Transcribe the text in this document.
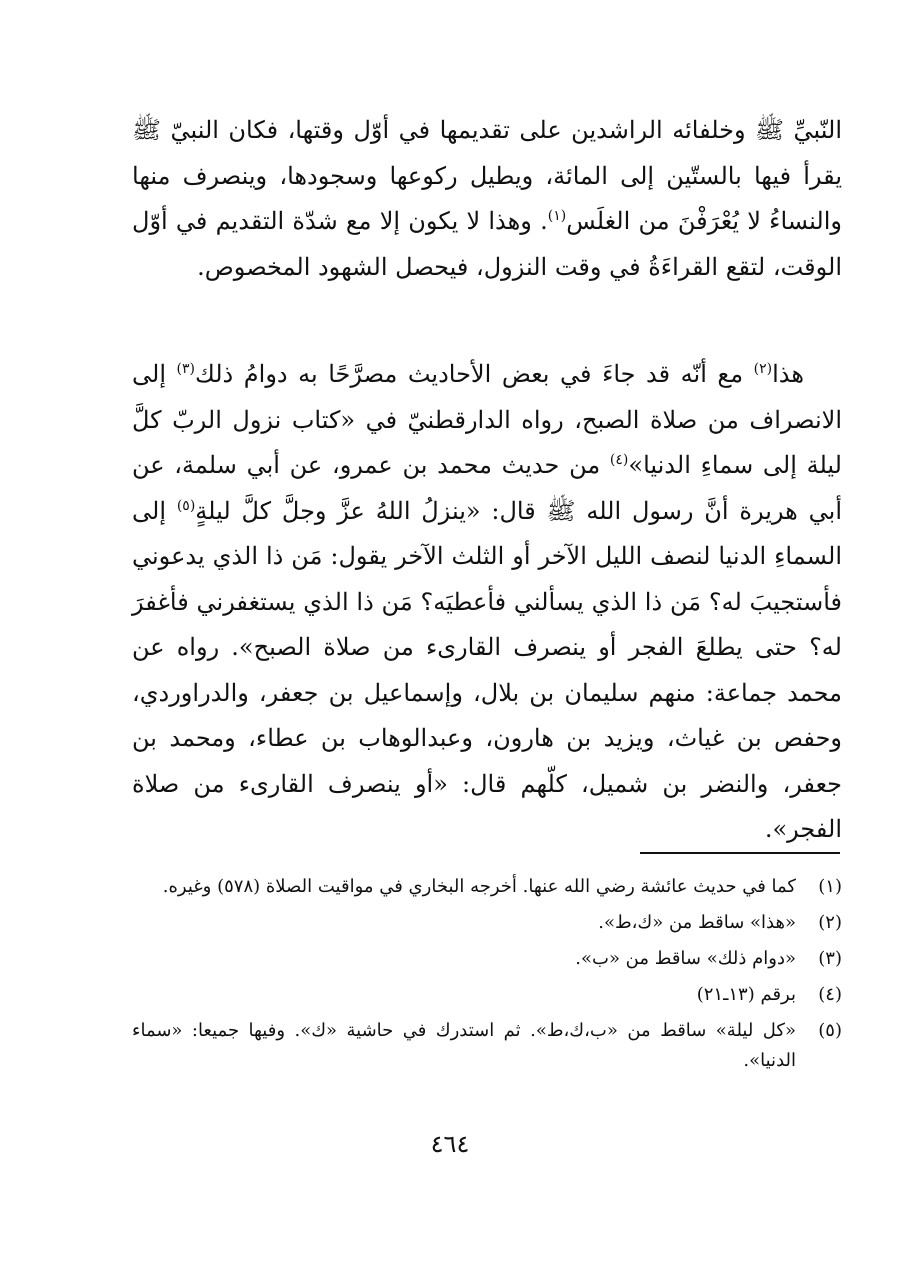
النّبيِّ ﷺ وخلفائه الراشدين على تقديمها في أوّل وقتها، فكان النبيّ ﷺ يقرأ فيها بالستّين إلى المائة، ويطيل ركوعها وسجودها، وينصرف منها والنساءُ لا يُعْرَفْنَ من الغلَس$^{(١)}$. وهذا لا يكون إلا مع شدّة التقديم في أوّل الوقت، لتقع القراءَةُ في وقت النزول، فيحصل الشهود المخصوص.

هذا$^{(٢)}$ مع أنّه قد جاءَ في بعض الأحاديث مصرَّحًا به دوامُ ذلك$^{(٣)}$ إلى الانصراف من صلاة الصبح، رواه الدارقطنيّ في «كتاب نزول الربّ كلَّ ليلة إلى سماءِ الدنيا»$^{(٤)}$ من حديث محمد بن عمرو، عن أبي سلمة، عن أبي هريرة أنَّ رسول الله ﷺ قال: «ينزلُ اللهُ عزَّ وجلَّ كلَّ ليلةٍ$^{(٥)}$ إلى السماءِ الدنيا لنصف الليل الآخر أو الثلث الآخر يقول: مَن ذا الذي يدعوني فأستجيبَ له؟ مَن ذا الذي يسألني فأعطيَه؟ مَن ذا الذي يستغفرني فأغفرَ له؟ حتى يطلعَ الفجر أو ينصرف القارىء من صلاة الصبح». رواه عن محمد جماعة: منهم سليمان بن بلال، وإسماعيل بن جعفر، والدراوردي، وحفص بن غياث، ويزيد بن هارون، وعبدالوهاب بن عطاء، ومحمد بن جعفر، والنضر بن شميل، كلّهم قال: «أو ينصرف القارىء من صلاة الفجر».

(١)
كما في حديث عائشة رضي الله عنها. أخرجه البخاري في مواقيت الصلاة (٥٧٨) وغيره.
(٢)
«هذا» ساقط من «ك،ط».
(٣)
«دوام ذلك» ساقط من «ب».
(٤)
برقم (١٣ـ٢١)
(٥)
«كل ليلة» ساقط من «ب،ك،ط». ثم استدرك في حاشية «ك». وفيها جميعا: «سماء الدنيا».
٤٦٤
